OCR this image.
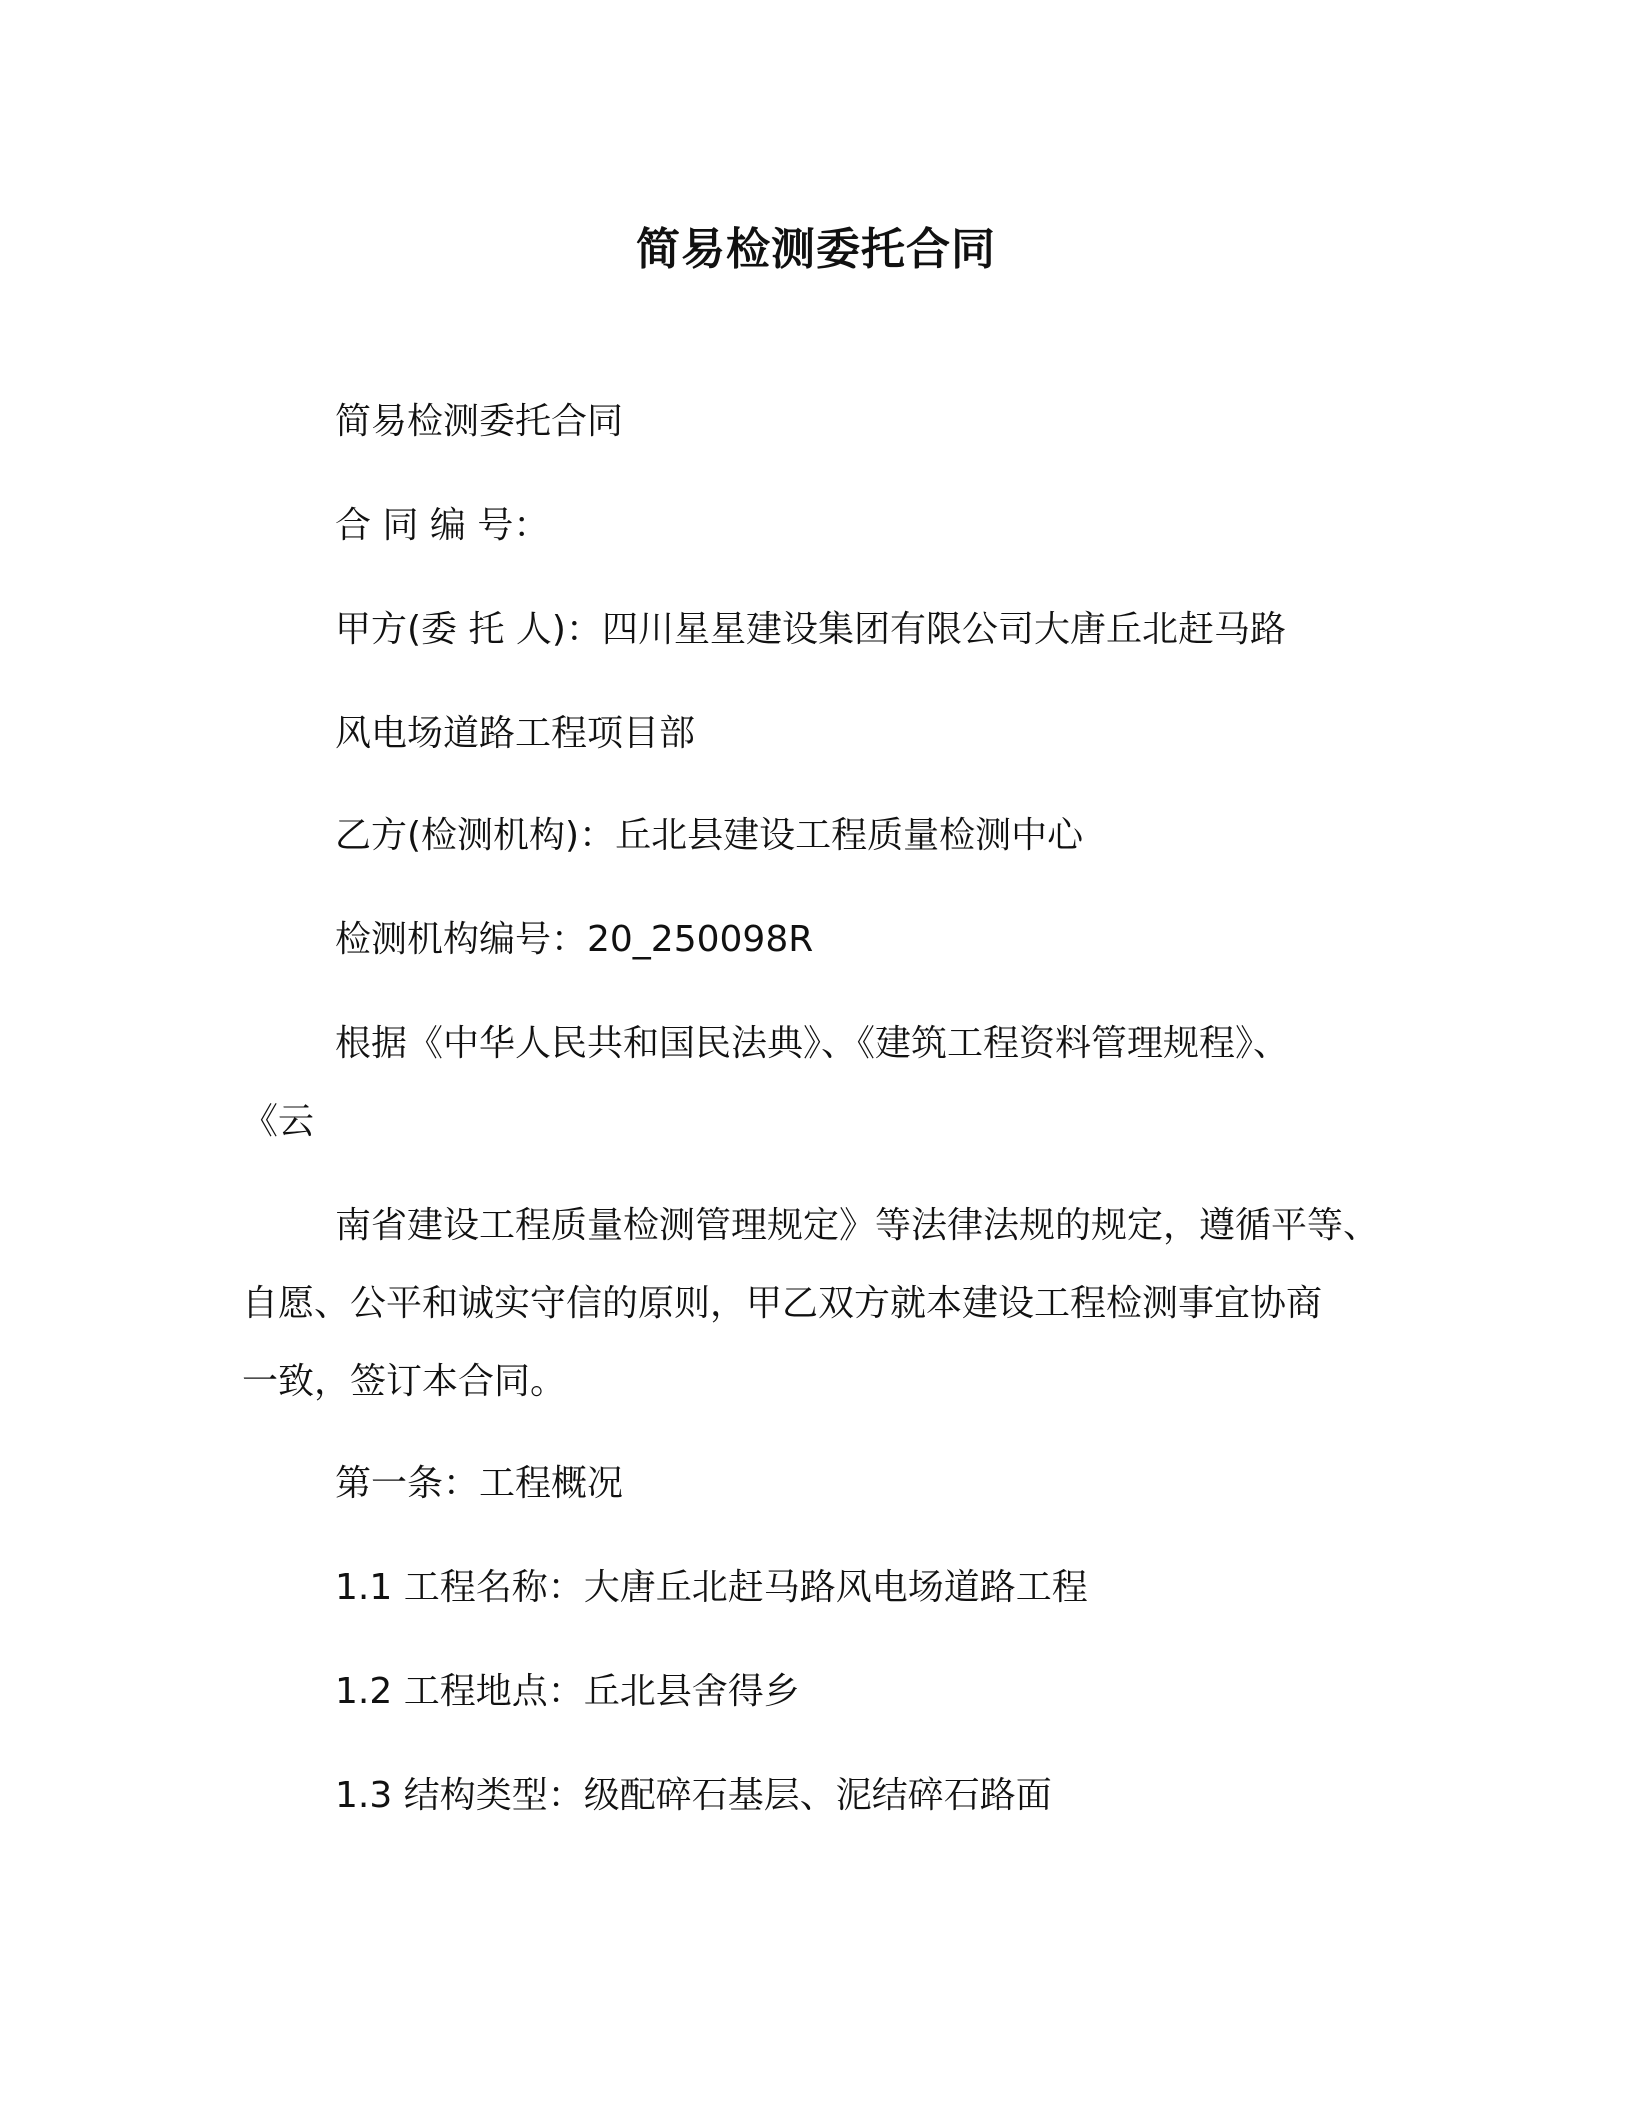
简易检测委托合同
简易检测委托合同
合 同 编 号：
甲方(委 托 人)：四川星星建设集团有限公司大唐丘北赶马路
风电场道路工程项目部
乙方(检测机构)：丘北县建设工程质量检测中心
检测机构编号：20_250098R
根据《中华人民共和国民法典》、《建筑工程资料管理规程》、
《云
南省建设工程质量检测管理规定》等法律法规的规定，遵循平等、
自愿、公平和诚实守信的原则，甲乙双方就本建设工程检测事宜协商
一致，签订本合同。
第一条：工程概况
1.1 工程名称：大唐丘北赶马路风电场道路工程
1.2 工程地点：丘北县舍得乡
1.3 结构类型：级配碎石基层、泥结碎石路面
